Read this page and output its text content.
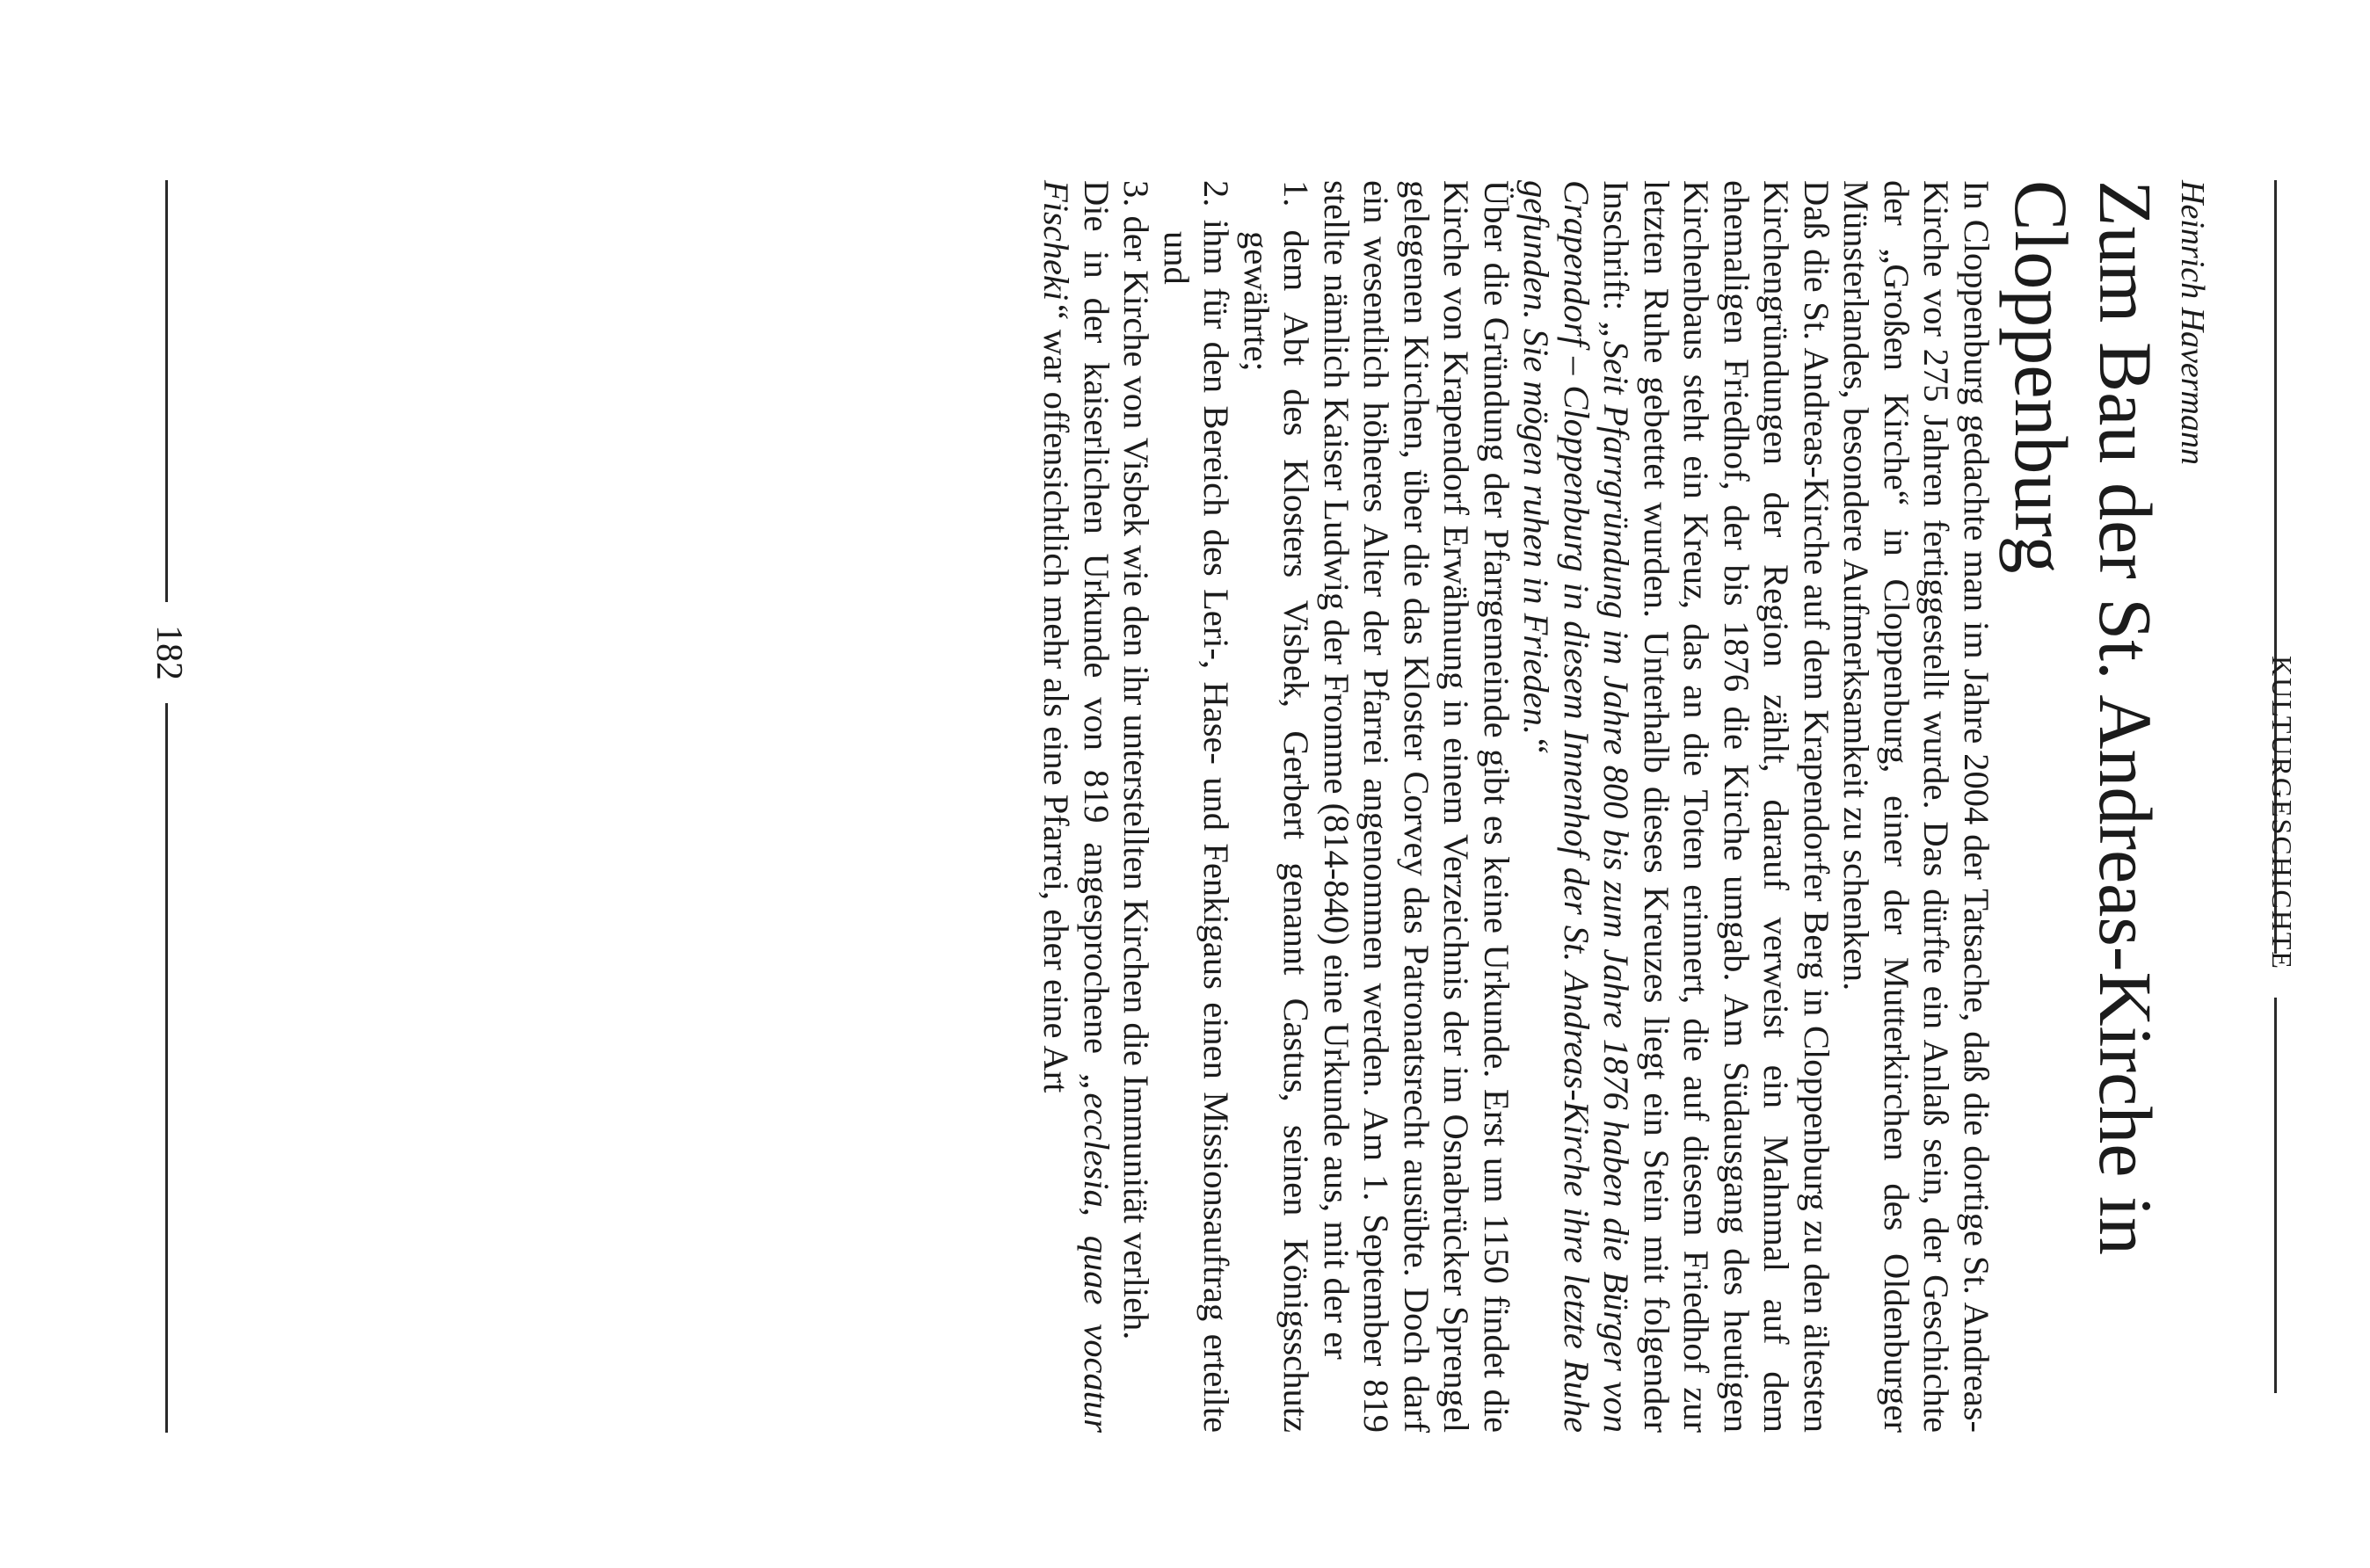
KULTURGESCHICHTE
Heinrich Havermann
Zum Bau der St. Andreas-Kirche in Cloppenburg

In Cloppenburg gedachte man im Jahre 2004 der Tatsache, daß die dortige St. Andreas-Kirche vor 275 Jahren fertiggestellt wurde. Das dürfte ein Anlaß sein, der Geschichte der „Großen Kirche“ in Cloppenburg, einer der Mutterkirchen des Oldenburger Münsterlandes, besondere Aufmerksamkeit zu schenken.

Daß die St. Andreas-Kirche auf dem Krapendorfer Berg in Cloppenburg zu den ältesten Kirchengründungen der Region zählt, darauf verweist ein Mahnmal auf dem ehemaligen Friedhof, der bis 1876 die Kirche umgab. Am Südausgang des heutigen Kirchenbaus steht ein Kreuz, das an die Toten erinnert, die auf diesem Friedhof zur letzten Ruhe gebettet wurden. Unterhalb dieses Kreuzes liegt ein Stein mit folgender Inschrift: „Seit Pfarrgründung im Jahre 800 bis zum Jahre 1876 haben die Bürger von Crapendorf – Cloppenburg in diesem Innenhof der St. Andreas-Kirche ihre letzte Ruhe gefunden. Sie mögen ruhen in Frieden.“

Über die Gründung der Pfarrgemeinde gibt es keine Urkunde. Erst um 1150 findet die Kirche von Krapendorf Erwähnung in einem Verzeichnis der im Osnabrücker Sprengel gelegenen Kirchen, über die das Kloster Corvey das Patronatsrecht ausübte. Doch darf ein wesentlich höheres Alter der Pfarrei angenommen werden. Am 1. September 819 stellte nämlich Kaiser Ludwig der Fromme (814-840) eine Urkunde aus, mit der er

1. dem Abt des Klosters Visbek, Gerbert genannt Castus, seinen Königsschutz gewährte;
2. ihm für den Bereich des Leri-, Hase- und Fenkigaus einen Missionsauftrag erteilte und
3. der Kirche von Visbek wie den ihr unterstellten Kirchen die Immunität verlieh.

Die in der kaiserlichen Urkunde von 819 angesprochene „ecclesia, quae vocatur Fischeki“ war offensichtlich mehr als eine Pfarrei, eher eine Art

182
